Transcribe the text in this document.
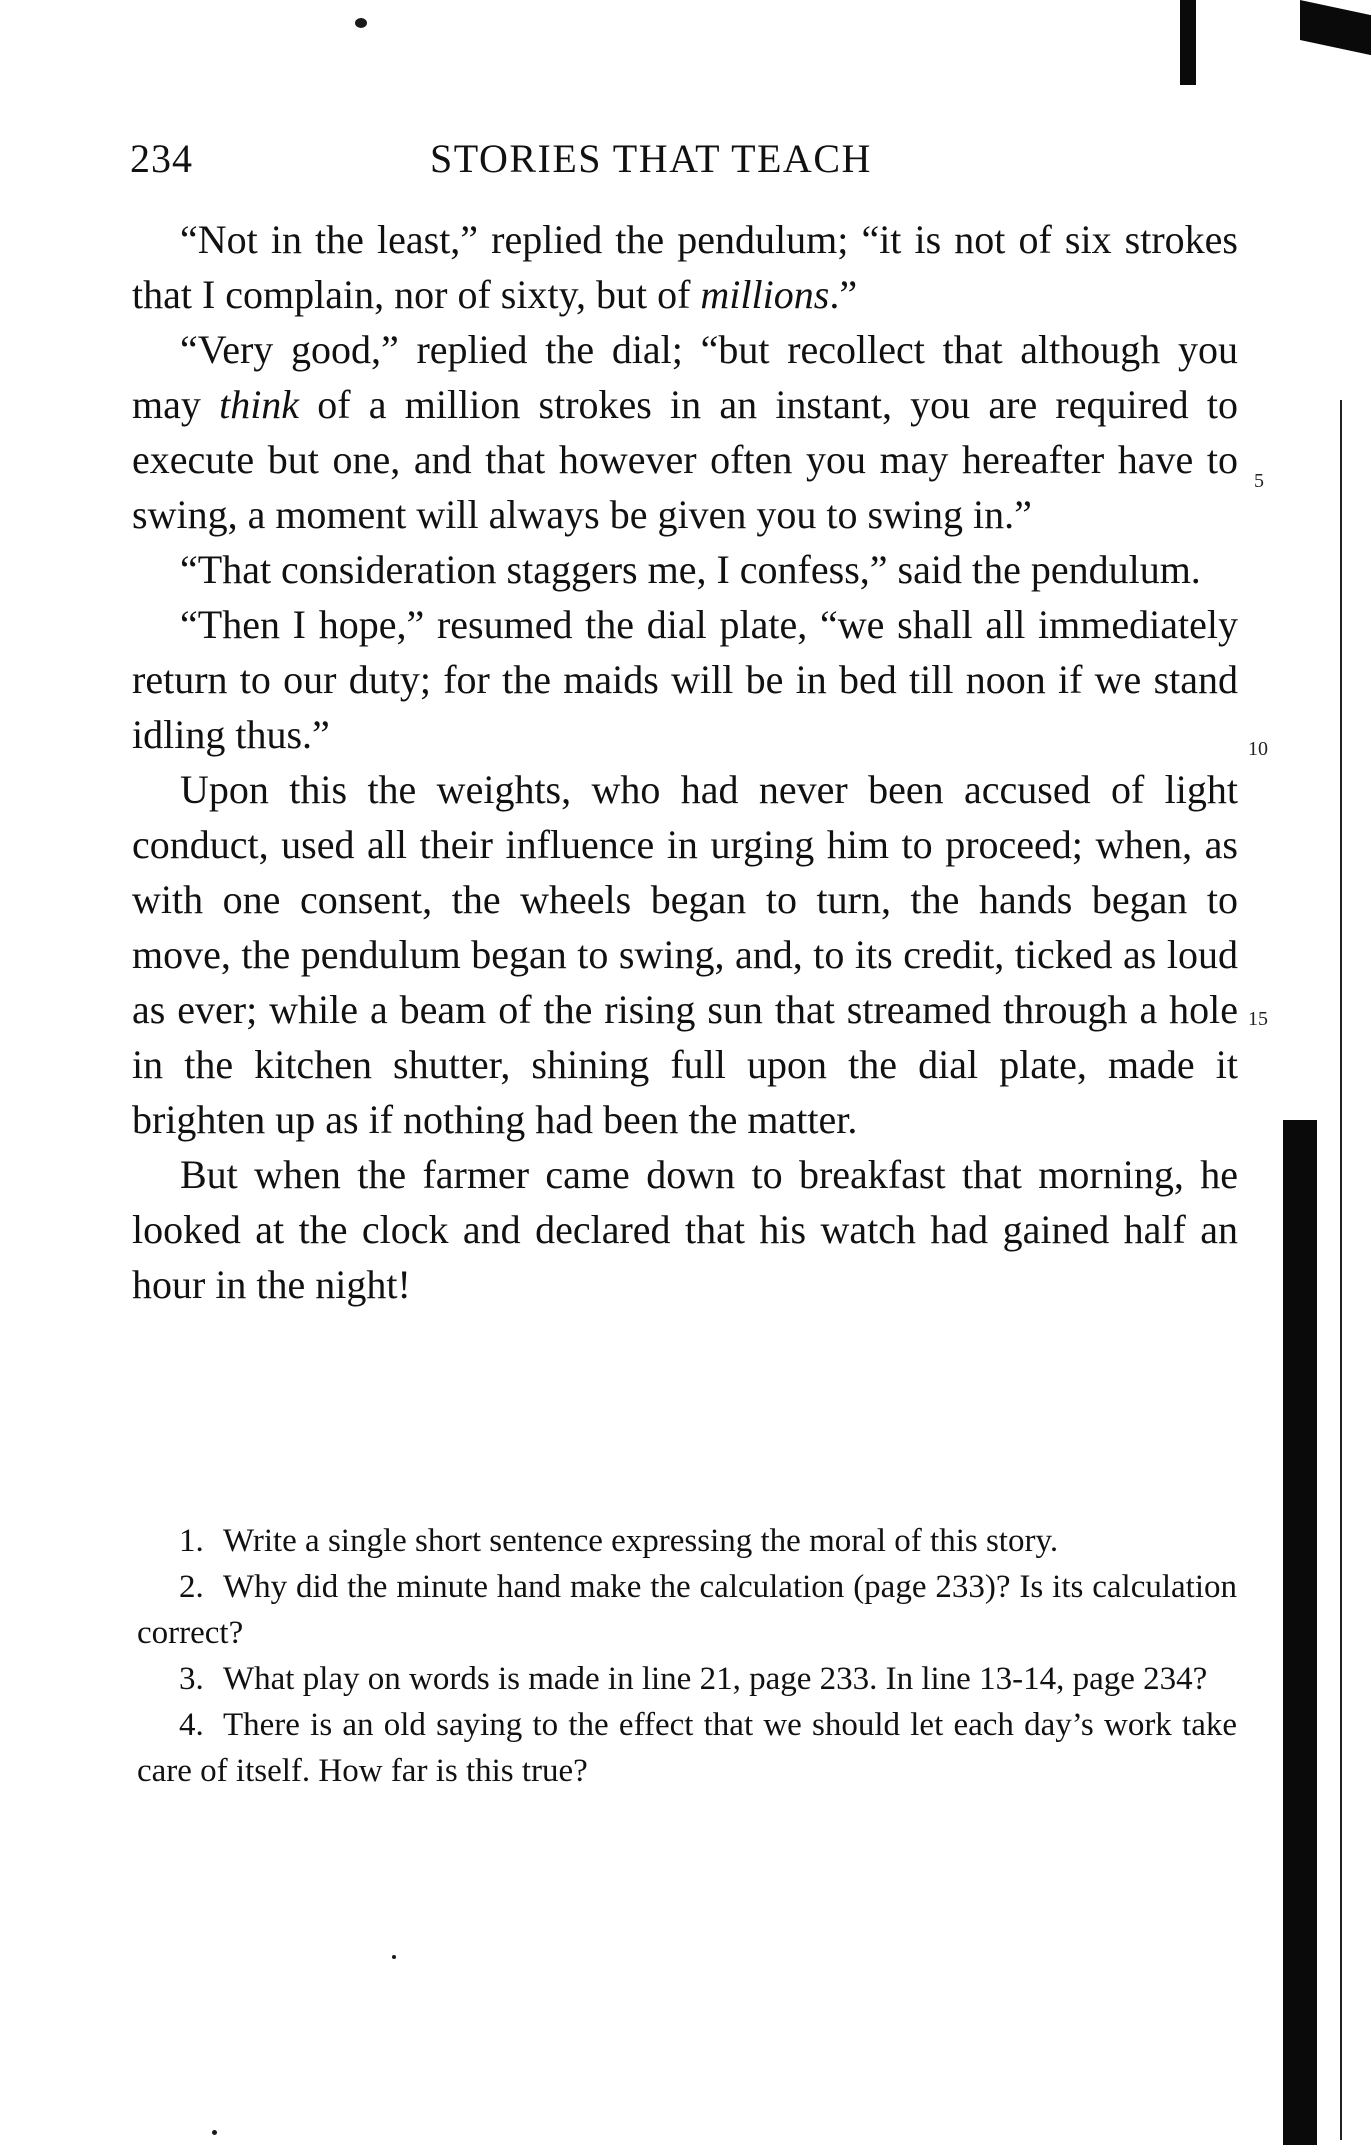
234	STORIES THAT TEACH

“Not in the least,” replied the pendulum; “it is not of six strokes that I complain, nor of sixty, but of millions.”

“Very good,” replied the dial; “but recollect that although you may think of a million strokes in an instant, you are required to execute but one, and that however often you may hereafter have to swing, a moment will always be given you to swing in.”

“That consideration staggers me, I confess,” said the pendulum.

“Then I hope,” resumed the dial plate, “we shall all immediately return to our duty; for the maids will be in bed till noon if we stand idling thus.”

Upon this the weights, who had never been accused of light conduct, used all their influence in urging him to proceed; when, as with one consent, the wheels began to turn, the hands began to move, the pendulum began to swing, and, to its credit, ticked as loud as ever; while a beam of the rising sun that streamed through a hole in the kitchen shutter, shining full upon the dial plate, made it brighten up as if nothing had been the matter.

But when the farmer came down to breakfast that morning, he looked at the clock and declared that his watch had gained half an hour in the night!

5
10
15

1. Write a single short sentence expressing the moral of this story.

2. Why did the minute hand make the calculation (page 233)? Is its calculation correct?

3. What play on words is made in line 21, page 233. In line 13-14, page 234?

4. There is an old saying to the effect that we should let each day’s work take care of itself. How far is this true?
